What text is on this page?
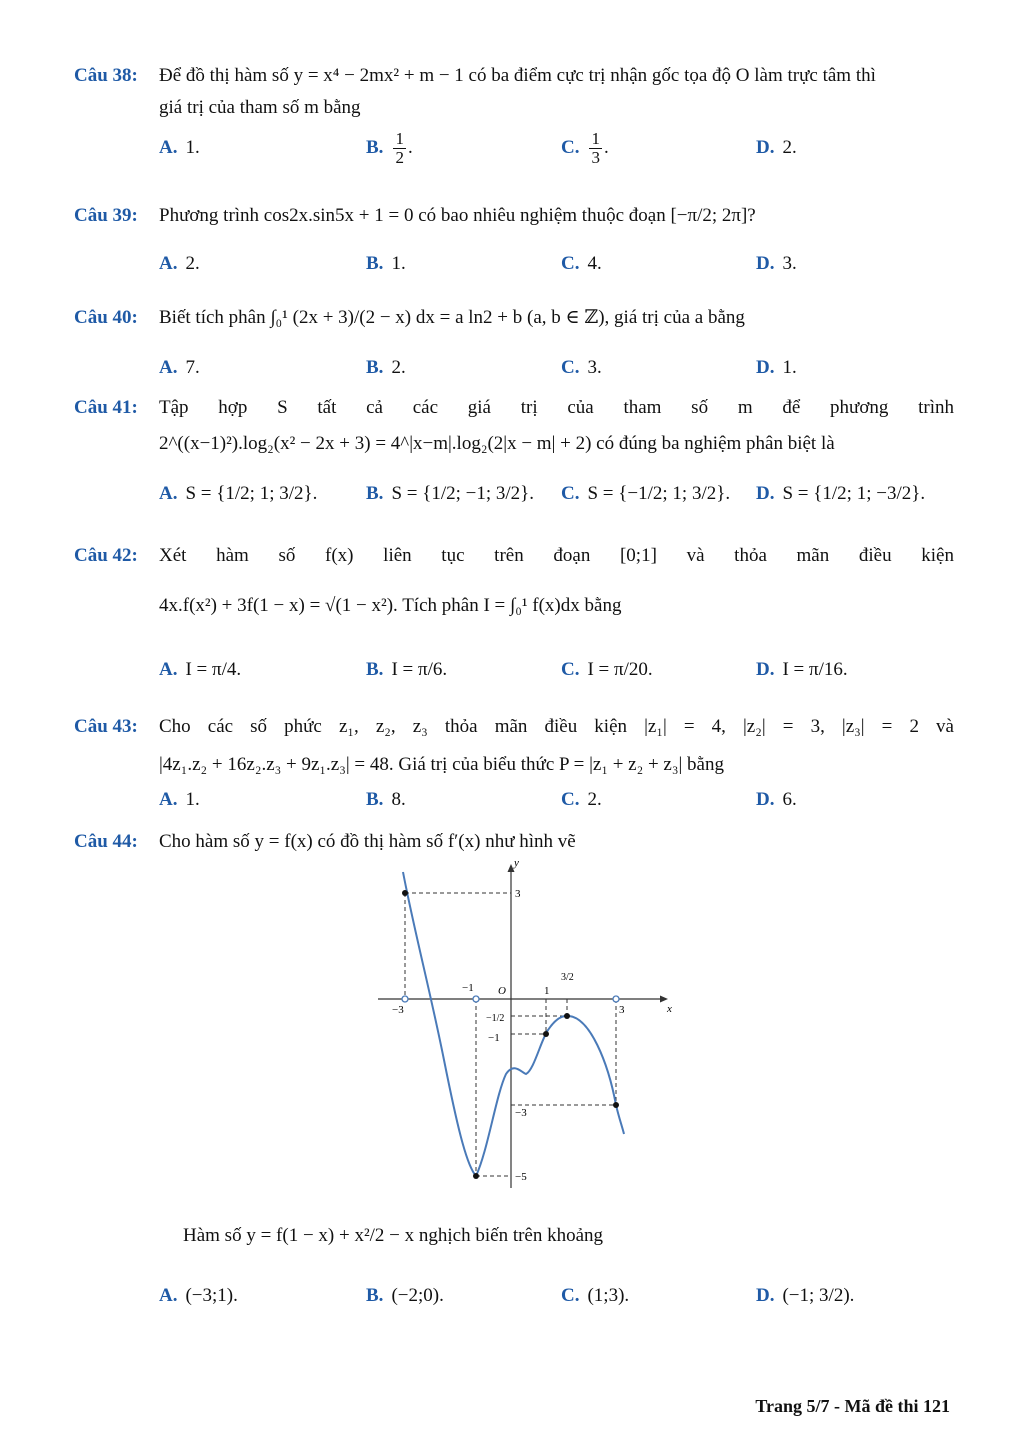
Câu 38: Để đồ thị hàm số y = x⁴ − 2mx² + m − 1 có ba điểm cực trị nhận gốc tọa độ O làm trực tâm thì
giá trị của tham số m bằng
A. 1.	B. $\frac{1}{2}$ .	C. $\frac{1}{3}$ .	D. 2.
Câu 39: Phương trình cos2x.sin5x + 1 = 0 có bao nhiêu nghiệm thuộc đoạn [−π/2; 2π]?
A. 2.	B. 1.	C. 4.	D. 3.
Câu 40: Biết tích phân ∫₀¹ (2x + 3)/(2 − x) dx = a ln2 + b (a, b ∈ ℤ), giá trị của a bằng
A. 7.	B. 2.	C. 3.	D. 1.
Câu 41: Tập hợp S tất cả các giá trị của tham số m để phương trình
2^((x−1)²).log₂(x² − 2x + 3) = 4^|x−m|.log₂(2|x − m| + 2) có đúng ba nghiệm phân biệt là
A. S = {1/2; 1; 3/2}.	B. S = {1/2; −1; 3/2}. C. S = {−1/2; 1; 3/2}. D. S = {1/2; 1; −3/2}.
Câu 42: Xét hàm số f(x) liên tục trên đoạn [0;1] và thỏa mãn điều kiện
4x.f(x²) + 3f(1 − x) = √(1 − x²). Tích phân I = ∫₀¹ f(x)dx bằng
A. I = π/4.	B. I = π/6.	C. I = π/20.	D. I = π/16.
Câu 43: Cho các số phức z₁, z₂, z₃ thỏa mãn điều kiện |z₁| = 4, |z₂| = 3, |z₃| = 2 và
|4z₁.z₂ + 16z₂.z₃ + 9z₁.z₃| = 48. Giá trị của biểu thức P = |z₁ + z₂ + z₃| bằng
A. 1.	B. 8.	C. 2.	D. 6.
Câu 44: Cho hàm số y = f(x) có đồ thị hàm số f′(x) như hình vẽ
y
x
O
3
−1	1
3/2
−3	3
−1/2
−1
−3
−5
Hàm số y = f(1 − x) + x²/2 − x nghịch biến trên khoảng
A. (−3;1).	B. (−2;0).	C. (1;3).	D. (−1; 3/2).
Trang 5/7 - Mã đề thi 121
